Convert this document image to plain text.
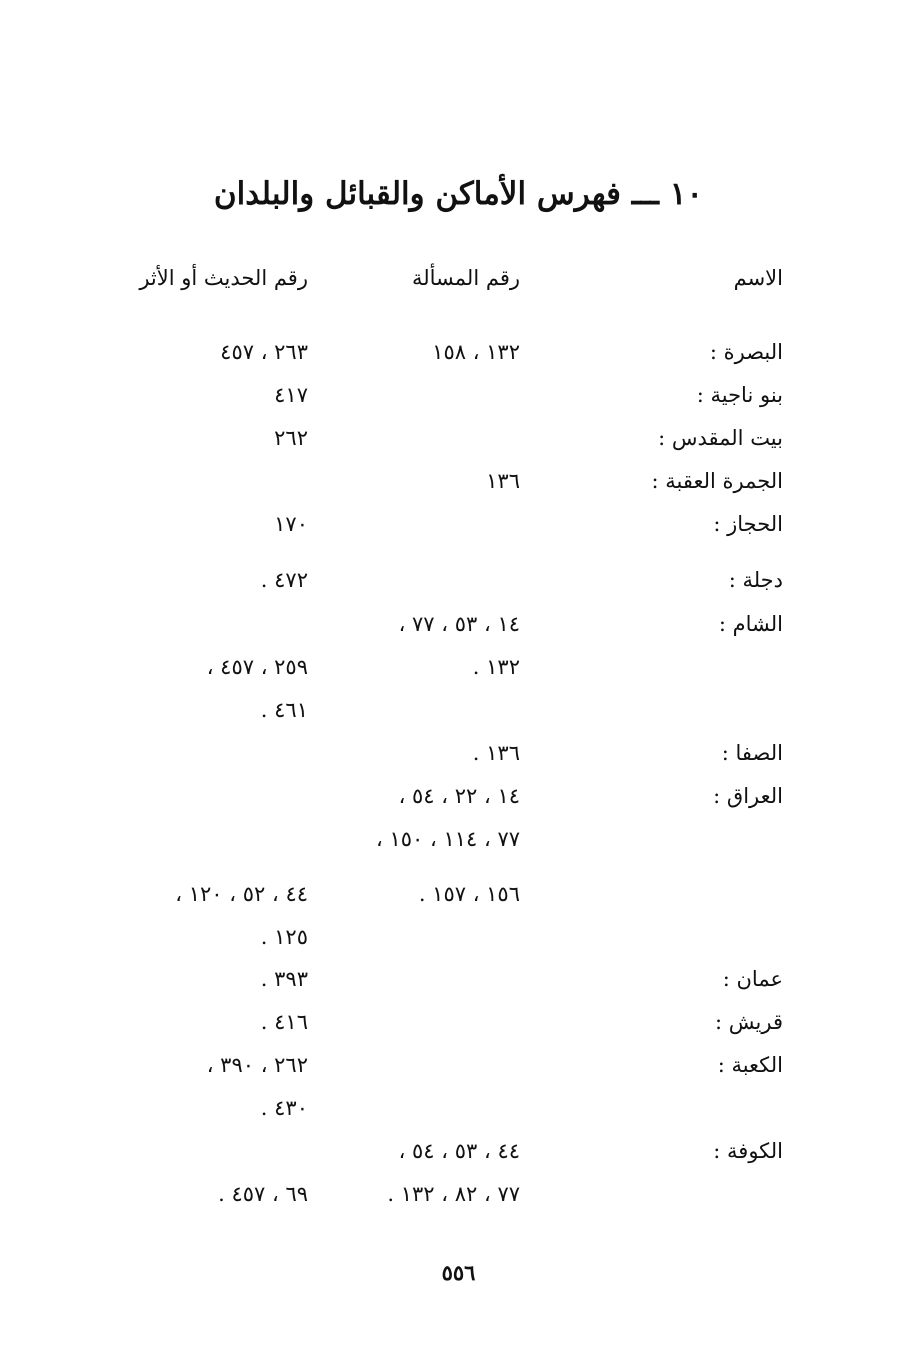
١٠ ـــ فهرس الأماكن والقبائل والبلدان
الاسم
رقم المسألة
رقم الحديث أو الأثر
البصرة :
١٣٢ ، ١٥٨
٢٦٣ ، ٤٥٧
بنو ناجية :
٤١٧
بيت المقدس :
٢٦٢
الجمرة العقبة :
١٣٦
الحجاز :
١٧٠
دجلة :
٤٧٢ .
الشام :
١٤ ، ٥٣ ، ٧٧ ،
١٣٢ .
٢٥٩ ، ٤٥٧ ،
٤٦١ .
الصفا :
١٣٦ .
العراق :
١٤ ، ٢٢ ، ٥٤ ،
٧٧ ، ١١٤ ، ١٥٠ ،
١٥٦ ، ١٥٧ .
٤٤ ، ٥٢ ، ١٢٠ ،
١٢٥ .
عمان :
٣٩٣ .
قريش :
٤١٦ .
الكعبة :
٢٦٢ ، ٣٩٠ ،
٤٣٠ .
الكوفة :
٤٤ ، ٥٣ ، ٥٤ ،
٧٧ ، ٨٢ ، ١٣٢ .
٦٩ ، ٤٥٧ .
٥٥٦
